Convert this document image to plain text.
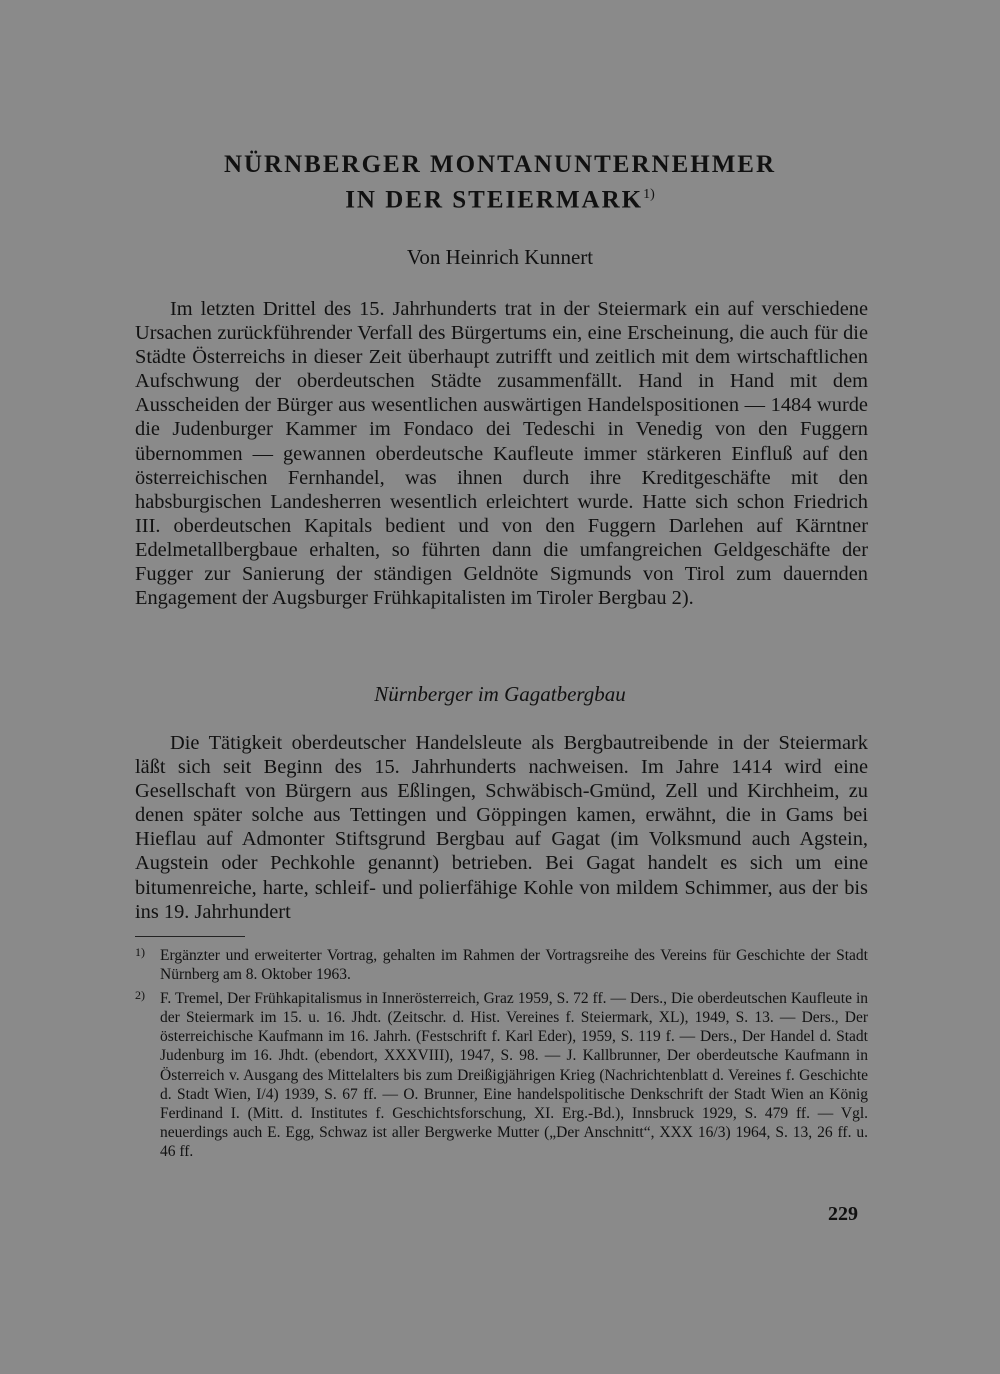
NÜRNBERGER MONTANUNTERNEHMER

IN DER STEIERMARK$^{1)}$

Von Heinrich Kunnert

Im letzten Drittel des 15. Jahrhunderts trat in der Steiermark ein auf verschiedene Ursachen zurückführender Verfall des Bürgertums ein, eine Erscheinung, die auch für die Städte Österreichs in dieser Zeit überhaupt zutrifft und zeitlich mit dem wirtschaftlichen Aufschwung der oberdeutschen Städte zusammenfällt. Hand in Hand mit dem Ausscheiden der Bürger aus wesentlichen auswärtigen Handelspositionen — 1484 wurde die Judenburger Kammer im Fondaco dei Tedeschi in Venedig von den Fuggern übernommen — gewannen oberdeutsche Kaufleute immer stärkeren Einfluß auf den österreichischen Fernhandel, was ihnen durch ihre Kreditgeschäfte mit den habsburgischen Landesherren wesentlich erleichtert wurde. Hatte sich schon Friedrich III. oberdeutschen Kapitals bedient und von den Fuggern Darlehen auf Kärntner Edelmetallbergbaue erhalten, so führten dann die umfangreichen Geldgeschäfte der Fugger zur Sanierung der ständigen Geldnöte Sigmunds von Tirol zum dauernden Engagement der Augsburger Frühkapitalisten im Tiroler Bergbau 2).

Nürnberger im Gagatbergbau

Die Tätigkeit oberdeutscher Handelsleute als Bergbautreibende in der Steiermark läßt sich seit Beginn des 15. Jahrhunderts nachweisen. Im Jahre 1414 wird eine Gesellschaft von Bürgern aus Eßlingen, Schwäbisch-Gmünd, Zell und Kirchheim, zu denen später solche aus Tettingen und Göppingen kamen, erwähnt, die in Gams bei Hieflau auf Admonter Stiftsgrund Bergbau auf Gagat (im Volksmund auch Agstein, Augstein oder Pechkohle genannt) betrieben. Bei Gagat handelt es sich um eine bitumenreiche, harte, schleif- und polierfähige Kohle von mildem Schimmer, aus der bis ins 19. Jahrhundert

1) Ergänzter und erweiterter Vortrag, gehalten im Rahmen der Vortragsreihe des Vereins für Geschichte der Stadt Nürnberg am 8. Oktober 1963.

2) F. Tremel, Der Frühkapitalismus in Innerösterreich, Graz 1959, S. 72 ff. — Ders., Die oberdeutschen Kaufleute in der Steiermark im 15. u. 16. Jhdt. (Zeitschr. d. Hist. Vereines f. Steiermark, XL), 1949, S. 13. — Ders., Der österreichische Kaufmann im 16. Jahrh. (Festschrift f. Karl Eder), 1959, S. 119 f. — Ders., Der Handel d. Stadt Judenburg im 16. Jhdt. (ebendort, XXXVIII), 1947, S. 98. — J. Kallbrunner, Der oberdeutsche Kaufmann in Österreich v. Ausgang des Mittelalters bis zum Dreißigjährigen Krieg (Nachrichtenblatt d. Vereines f. Geschichte d. Stadt Wien, I/4) 1939, S. 67 ff. — O. Brunner, Eine handelspolitische Denkschrift der Stadt Wien an König Ferdinand I. (Mitt. d. Institutes f. Geschichtsforschung, XI. Erg.-Bd.), Innsbruck 1929, S. 479 ff. — Vgl. neuerdings auch E. Egg, Schwaz ist aller Bergwerke Mutter („Der Anschnitt“, XXX 16/3) 1964, S. 13, 26 ff. u. 46 ff.

229
